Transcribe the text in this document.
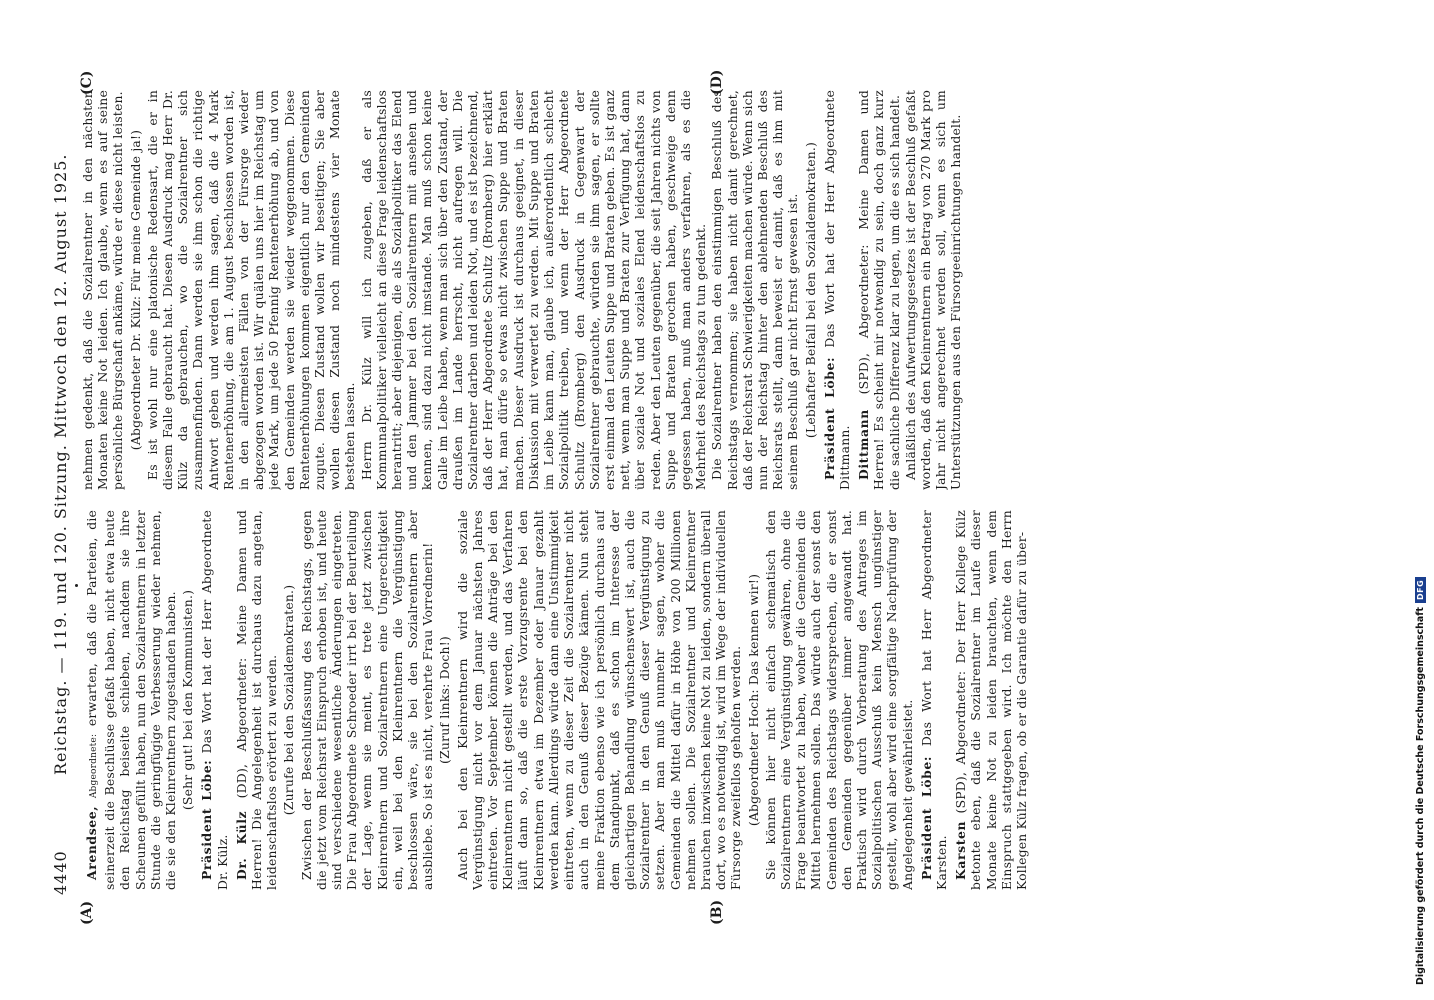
4440
Reichstag. — 119. und 120. Sitzung. Mittwoch den 12. August 1925.

Arendsee, Abgeordnete: erwarten, daß die Parteien, die seinerzeit die Beschlüsse gefaßt haben, nicht etwa heute den Reichstag beiseite schieben, nachdem sie ihre Scheunen gefüllt haben, nun den Sozialrentnern in letzter Stunde die geringfügige Verbesserung wieder nehmen, die sie den Kleinrentnern zugestanden haben. (Sehr gut! bei den Kommunisten.)

Präsident Löbe: Das Wort hat der Herr Abgeordnete Dr. Külz. Dr. Külz (DD), Abgeordneter: Meine Damen und Herren! Die Angelegenheit ist durchaus dazu angetan, leidenschaftslos erörtert zu werden. (Zurufe bei den Sozialdemokraten.) Zwischen der Beschlußfassung des Reichstags, gegen die jetzt vom Reichsrat Einspruch erhoben ist, und heute sind verschiedene wesentliche Änderungen eingetreten. Die Frau Abgeordnete Schroeder irrt bei der Beurteilung der Lage, wenn sie meint, es trete jetzt zwischen Kleinrentnern und Sozialrentnern eine Ungerechtigkeit ein, weil bei den Kleinrentnern die Vergünstigung beschlossen wäre, sie bei den Sozialrentnern aber ausbliebe. So ist es nicht, verehrte Frau Vorrednerin! (Zuruf links: Doch!) Auch bei den Kleinrentnern wird die soziale Vergünstigung nicht vor dem Januar nächsten Jahres eintreten. Vor September können die Anträge bei den Kleinrentnern nicht gestellt werden, und das Verfahren läuft dann so, daß die erste Vorzugsrente bei den Kleinrentnern etwa im Dezember oder Januar gezahlt werden kann. Allerdings würde dann eine Unstimmigkeit eintreten, wenn zu dieser Zeit die Sozialrentner nicht auch in den Genuß dieser Bezüge kämen. Nun steht meine Fraktion ebenso wie ich persönlich durchaus auf dem Standpunkt, daß es schon im Interesse der gleichartigen Behandlung wünschenswert ist, auch die Sozialrentner in den Genuß dieser Vergünstigung zu setzen. Aber man muß nunmehr sagen, woher die Gemeinden die Mittel dafür in Höhe von 200 Millionen nehmen sollen. Die Sozialrentner und Kleinrentner brauchen inzwischen keine Not zu leiden, sondern überall dort, wo es notwendig ist, wird im Wege der individuellen Fürsorge zweifellos geholfen werden. (Abgeordneter Hoch: Das kennen wir!) Sie können hier nicht einfach schematisch den Sozialrentnern eine Vergünstigung gewähren, ohne die Frage beantwortet zu haben, woher die Gemeinden die Mittel hernehmen sollen. Das würde auch der sonst den Gemeinden des Reichstags widersprechen, die er sonst den Gemeinden gegenüber immer angewandt hat. Praktisch wird durch Vorberatung des Antrages im Sozialpolitischen Ausschuß kein Mensch ungünstiger gestellt, wohl aber wird eine sorgfältige Nachprüfung der Angelegenheit gewährleistet. Präsident Löbe: Das Wort hat Herr Abgeordneter Karsten. Karsten (SPD), Abgeordneter: Der Herr Kollege Külz betonte eben, daß die Sozialrentner im Laufe dieser Monate keine Not zu leiden brauchten, wenn dem Einspruch stattgegeben wird. Ich möchte den Herrn Kollegen Külz fragen, ob er die Garantie dafür zu über-

nehmen gedenkt, daß die Sozialrentner in den nächsten Monaten keine Not leiden. Ich glaube, wenn es auf seine persönliche Bürgschaft ankäme, würde er diese nicht leisten. (Abgeordneter Dr. Külz: Für meine Gemeinde ja!) Es ist wohl nur eine platonische Redensart, die er in diesem Falle gebraucht hat. Diesen Ausdruck mag Herr Dr. Külz da gebrauchen, wo die Sozialrentner sich zusammenfinden. Dann werden sie ihm schon die richtige Antwort geben und werden ihm sagen, daß die 4 Mark Rentenerhöhung, die am 1. August beschlossen worden ist, in den allermeisten Fällen von der Fürsorge wieder abgezogen worden ist. Wir quälen uns hier im Reichstag um jede Mark, um jede 50 Pfennig Rentenerhöhung ab, und von den Gemeinden werden sie wieder weggenommen. Diese Rentenerhöhungen kommen eigentlich nur den Gemeinden zugute. Diesen Zustand wollen wir beseitigen; Sie aber wollen diesen Zustand noch mindestens vier Monate bestehen lassen. Herrn Dr. Külz will ich zugeben, daß er als Kommunalpolitiker vielleicht an diese Frage leidenschaftslos herantritt; aber diejenigen, die als Sozialpolitiker das Elend und den Jammer bei den Sozialrentnern mit ansehen und kennen, sind dazu nicht imstande. Man muß schon keine Galle im Leibe haben, wenn man sich über den Zustand, der draußen im Lande herrscht, nicht aufregen will. Die Sozialrentner darben und leiden Not, und es ist bezeichnend, daß der Herr Abgeordnete Schultz (Bromberg) hier erklärt hat, man dürfe so etwas nicht zwischen Suppe und Braten machen. Dieser Ausdruck ist durchaus geeignet, in dieser Diskussion mit verwertet zu werden. Mit Suppe und Braten im Leibe kann man, glaube ich, außerordentlich schlecht Sozialpolitik treiben, und wenn der Herr Abgeordnete Schultz (Bromberg) den Ausdruck in Gegenwart der Sozialrentner gebrauchte, würden sie ihm sagen, er sollte erst einmal den Leuten Suppe und Braten geben. Es ist ganz nett, wenn man Suppe und Braten zur Verfügung hat, dann über soziale Not und soziales Elend leidenschaftslos zu reden. Aber den Leuten gegenüber, die seit Jahren nichts von Suppe und Braten gerochen haben, geschweige denn gegessen haben, muß man anders verfahren, als es die Mehrheit des Reichstags zu tun gedenkt. Die Sozialrentner haben den einstimmigen Beschluß des Reichstags vernommen; sie haben nicht damit gerechnet, daß der Reichsrat Schwierigkeiten machen würde. Wenn sich nun der Reichstag hinter den ablehnenden Beschluß des Reichsrats stellt, dann beweist er damit, daß es ihm mit seinem Beschluß gar nicht Ernst gewesen ist. (Lebhafter Beifall bei den Sozialdemokraten.) Präsident Löbe: Das Wort hat der Herr Abgeordnete Dittmann. Dittmann (SPD), Abgeordneter: Meine Damen und Herren! Es scheint mir notwendig zu sein, doch ganz kurz die sachliche Differenz klar zu legen, um die es sich handelt. Anläßlich des Aufwertungsgesetzes ist der Beschluß gefaßt worden, daß den Kleinrentnern ein Betrag von 270 Mark pro Jahr nicht angerechnet werden soll, wenn es sich um Unterstützungen aus den Fürsorgeeinrichtungen handelt.

(A)	(B)
(C)	(D)
Digitalisierung gefördert durch die Deutsche Forschungsgemeinschaft
DFG
